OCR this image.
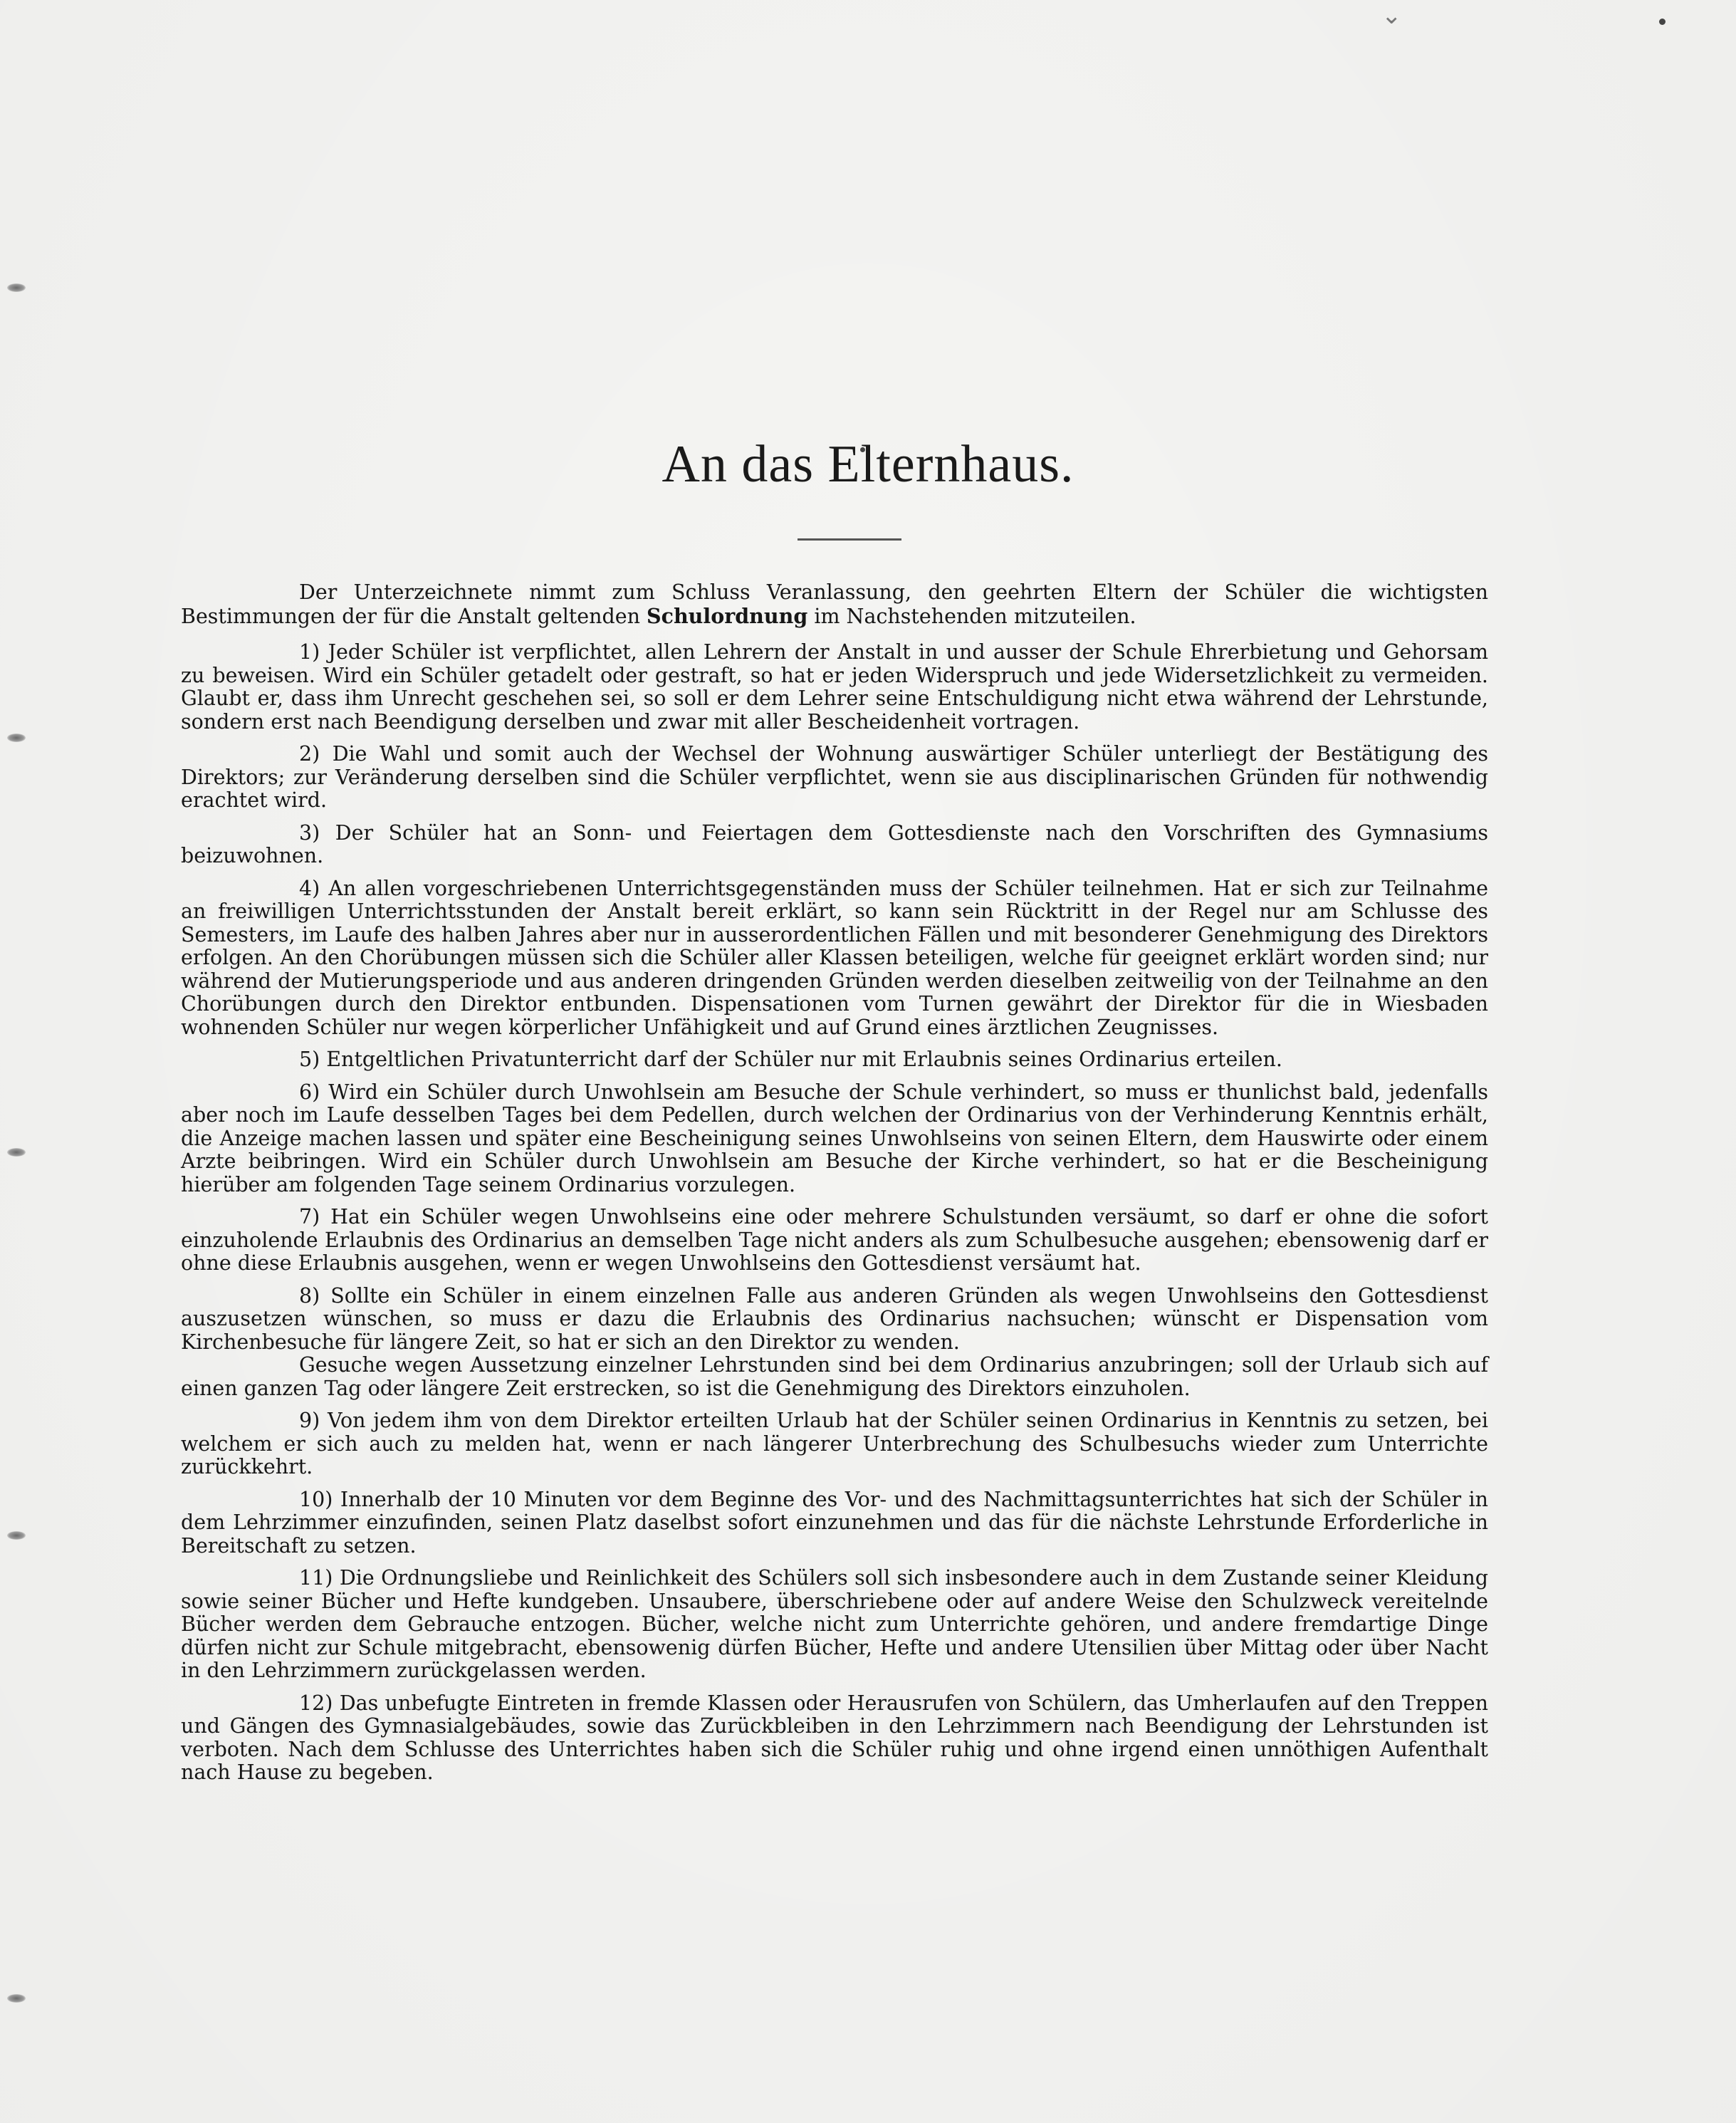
⌄
An das Elternhaus.

Der Unterzeichnete nimmt zum Schluss Veranlassung, den geehrten Eltern der Schüler die wichtigsten Bestimmungen der für die Anstalt geltenden Schulordnung im Nachstehenden mitzuteilen.

1) Jeder Schüler ist verpflichtet, allen Lehrern der Anstalt in und ausser der Schule Ehrerbietung und Gehorsam zu beweisen. Wird ein Schüler getadelt oder gestraft, so hat er jeden Widerspruch und jede Widersetzlichkeit zu vermeiden. Glaubt er, dass ihm Unrecht geschehen sei, so soll er dem Lehrer seine Entschuldigung nicht etwa während der Lehrstunde, sondern erst nach Beendigung derselben und zwar mit aller Bescheidenheit vortragen.

2) Die Wahl und somit auch der Wechsel der Wohnung auswärtiger Schüler unterliegt der Bestätigung des Direktors; zur Veränderung derselben sind die Schüler verpflichtet, wenn sie aus disciplinarischen Gründen für nothwendig erachtet wird.

3) Der Schüler hat an Sonn- und Feiertagen dem Gottesdienste nach den Vorschriften des Gymnasiums beizuwohnen.

4) An allen vorgeschriebenen Unterrichtsgegenständen muss der Schüler teilnehmen. Hat er sich zur Teilnahme an freiwilligen Unterrichtsstunden der Anstalt bereit erklärt, so kann sein Rücktritt in der Regel nur am Schlusse des Semesters, im Laufe des halben Jahres aber nur in ausserordentlichen Fällen und mit besonderer Genehmigung des Direktors erfolgen. An den Chorübungen müssen sich die Schüler aller Klassen beteiligen, welche für geeignet erklärt worden sind; nur während der Mutierungsperiode und aus anderen dringenden Gründen werden dieselben zeitweilig von der Teilnahme an den Chorübungen durch den Direktor entbunden. Dispensationen vom Turnen gewährt der Direktor für die in Wiesbaden wohnenden Schüler nur wegen körperlicher Unfähigkeit und auf Grund eines ärztlichen Zeugnisses.

5) Entgeltlichen Privatunterricht darf der Schüler nur mit Erlaubnis seines Ordinarius erteilen.

6) Wird ein Schüler durch Unwohlsein am Besuche der Schule verhindert, so muss er thunlichst bald, jedenfalls aber noch im Laufe desselben Tages bei dem Pedellen, durch welchen der Ordinarius von der Verhinderung Kenntnis erhält, die Anzeige machen lassen und später eine Bescheinigung seines Unwohlseins von seinen Eltern, dem Hauswirte oder einem Arzte beibringen. Wird ein Schüler durch Unwohlsein am Besuche der Kirche verhindert, so hat er die Bescheinigung hierüber am folgenden Tage seinem Ordinarius vorzulegen.

7) Hat ein Schüler wegen Unwohlseins eine oder mehrere Schulstunden versäumt, so darf er ohne die sofort einzuholende Erlaubnis des Ordinarius an demselben Tage nicht anders als zum Schulbesuche ausgehen; ebensowenig darf er ohne diese Erlaubnis ausgehen, wenn er wegen Unwohlseins den Gottesdienst versäumt hat.

8) Sollte ein Schüler in einem einzelnen Falle aus anderen Gründen als wegen Unwohlseins den Gottesdienst auszusetzen wünschen, so muss er dazu die Erlaubnis des Ordinarius nachsuchen; wünscht er Dispensation vom Kirchenbesuche für längere Zeit, so hat er sich an den Direktor zu wenden.

Gesuche wegen Aussetzung einzelner Lehrstunden sind bei dem Ordinarius anzubringen; soll der Urlaub sich auf einen ganzen Tag oder längere Zeit erstrecken, so ist die Genehmigung des Direktors einzuholen.

9) Von jedem ihm von dem Direktor erteilten Urlaub hat der Schüler seinen Ordinarius in Kenntnis zu setzen, bei welchem er sich auch zu melden hat, wenn er nach längerer Unterbrechung des Schulbesuchs wieder zum Unterrichte zurückkehrt.

10) Innerhalb der 10 Minuten vor dem Beginne des Vor- und des Nachmittagsunterrichtes hat sich der Schüler in dem Lehrzimmer einzufinden, seinen Platz daselbst sofort einzunehmen und das für die nächste Lehrstunde Erforderliche in Bereitschaft zu setzen.

11) Die Ordnungsliebe und Reinlichkeit des Schülers soll sich insbesondere auch in dem Zustande seiner Kleidung sowie seiner Bücher und Hefte kundgeben. Unsaubere, überschriebene oder auf andere Weise den Schulzweck vereitelnde Bücher werden dem Gebrauche entzogen. Bücher, welche nicht zum Unterrichte gehören, und andere fremdartige Dinge dürfen nicht zur Schule mitgebracht, ebensowenig dürfen Bücher, Hefte und andere Utensilien über Mittag oder über Nacht in den Lehrzimmern zurückgelassen werden.

12) Das unbefugte Eintreten in fremde Klassen oder Herausrufen von Schülern, das Umherlaufen auf den Treppen und Gängen des Gymnasialgebäudes, sowie das Zurückbleiben in den Lehrzimmern nach Beendigung der Lehrstunden ist verboten. Nach dem Schlusse des Unterrichtes haben sich die Schüler ruhig und ohne irgend einen unnöthigen Aufenthalt nach Hause zu begeben.
